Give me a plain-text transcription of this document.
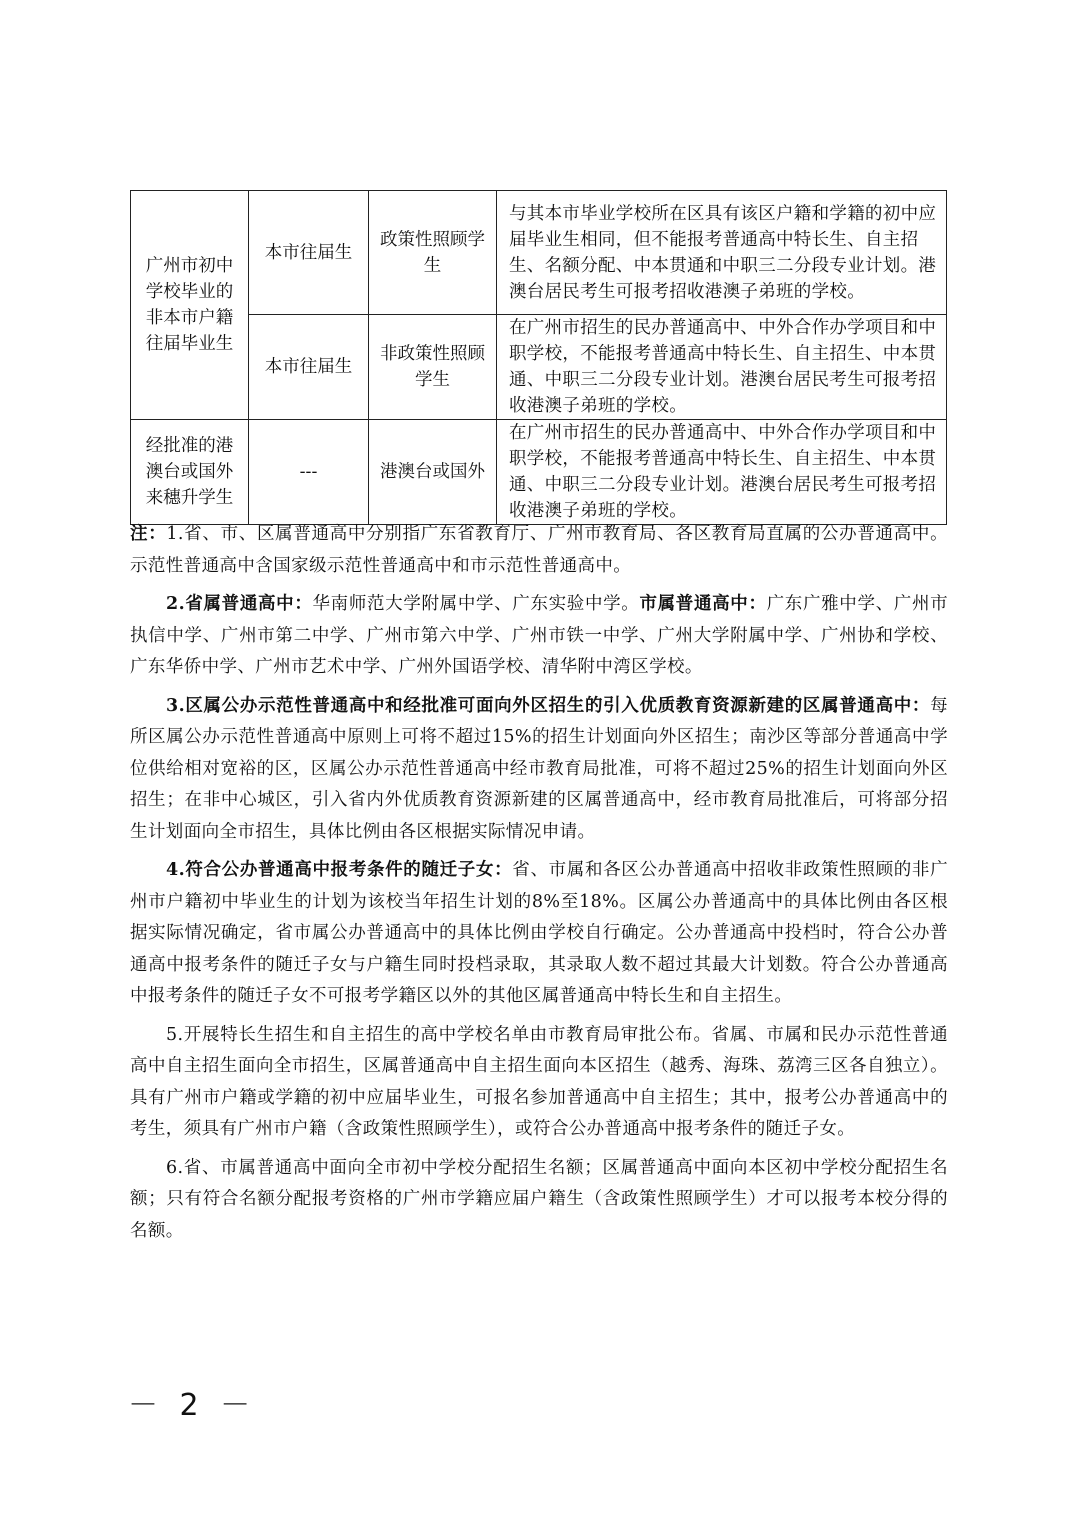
广州市初中学校毕业的非本市户籍往届毕业生	本市往届生	政策性照顾学生	与其本市毕业学校所在区具有该区户籍和学籍的初中应届毕业生相同，但不能报考普通高中特长生、自主招生、名额分配、中本贯通和中职三二分段专业计划。港澳台居民考生可报考招收港澳子弟班的学校。
	本市往届生	非政策性照顾学生	在广州市招生的民办普通高中、中外合作办学项目和中职学校，不能报考普通高中特长生、自主招生、中本贯通、中职三二分段专业计划。港澳台居民考生可报考招收港澳子弟班的学校。
经批准的港澳台或国外来穗升学生	---	港澳台或国外	在广州市招生的民办普通高中、中外合作办学项目和中职学校，不能报考普通高中特长生、自主招生、中本贯通、中职三二分段专业计划。港澳台居民考生可报考招收港澳子弟班的学校。

注：1.省、市、区属普通高中分别指广东省教育厅、广州市教育局、各区教育局直属的公办普通高中。示范性普通高中含国家级示范性普通高中和市示范性普通高中。

2.省属普通高中：华南师范大学附属中学、广东实验中学。市属普通高中：广东广雅中学、广州市执信中学、广州市第二中学、广州市第六中学、广州市铁一中学、广州大学附属中学、广州协和学校、广东华侨中学、广州市艺术中学、广州外国语学校、清华附中湾区学校。

3.区属公办示范性普通高中和经批准可面向外区招生的引入优质教育资源新建的区属普通高中：每所区属公办示范性普通高中原则上可将不超过15%的招生计划面向外区招生；南沙区等部分普通高中学位供给相对宽裕的区，区属公办示范性普通高中经市教育局批准，可将不超过25%的招生计划面向外区招生；在非中心城区，引入省内外优质教育资源新建的区属普通高中，经市教育局批准后，可将部分招生计划面向全市招生，具体比例由各区根据实际情况申请。

4.符合公办普通高中报考条件的随迁子女：省、市属和各区公办普通高中招收非政策性照顾的非广州市户籍初中毕业生的计划为该校当年招生计划的8%至18%。区属公办普通高中的具体比例由各区根据实际情况确定，省市属公办普通高中的具体比例由学校自行确定。公办普通高中投档时，符合公办普通高中报考条件的随迁子女与户籍生同时投档录取，其录取人数不超过其最大计划数。符合公办普通高中报考条件的随迁子女不可报考学籍区以外的其他区属普通高中特长生和自主招生。

5.开展特长生招生和自主招生的高中学校名单由市教育局审批公布。省属、市属和民办示范性普通高中自主招生面向全市招生，区属普通高中自主招生面向本区招生（越秀、海珠、荔湾三区各自独立）。具有广州市户籍或学籍的初中应届毕业生，可报名参加普通高中自主招生；其中，报考公办普通高中的考生，须具有广州市户籍（含政策性照顾学生），或符合公办普通高中报考条件的随迁子女。

6.省、市属普通高中面向全市初中学校分配招生名额；区属普通高中面向本区初中学校分配招生名额；只有符合名额分配报考资格的广州市学籍应届户籍生（含政策性照顾学生）才可以报考本校分得的名额。

－ 2 －
